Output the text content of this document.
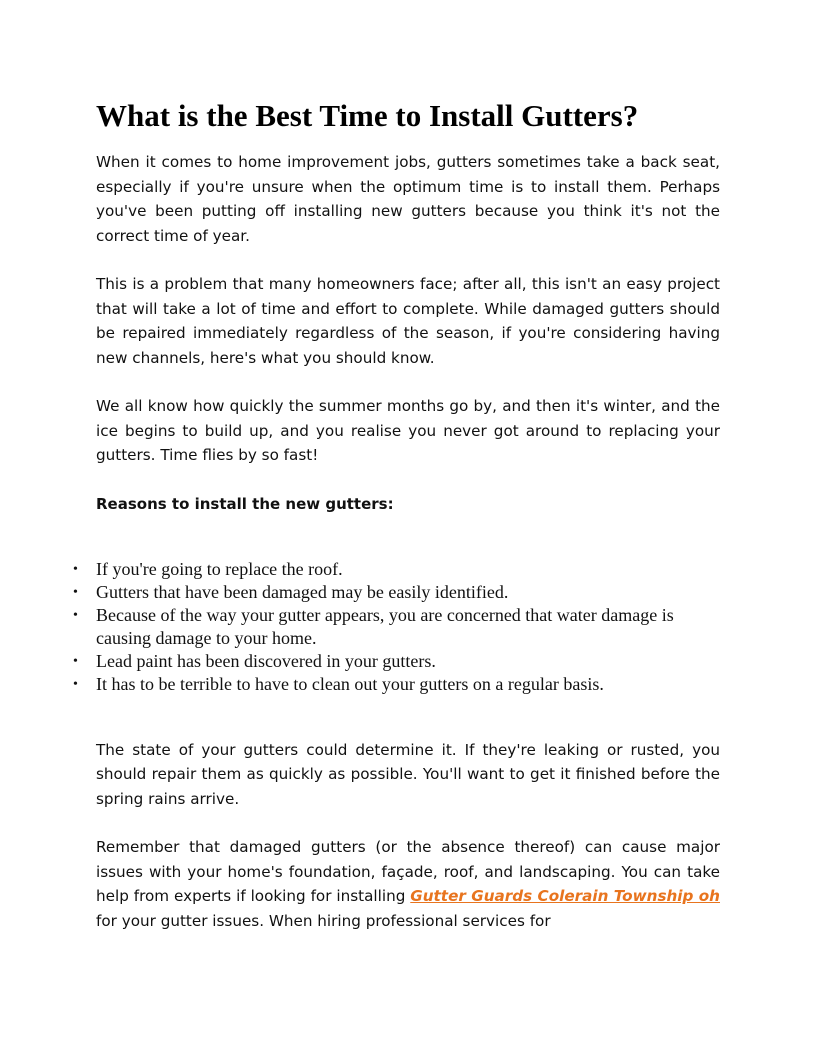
What is the Best Time to Install Gutters?

When it comes to home improvement jobs, gutters sometimes take a back seat, especially if you're unsure when the optimum time is to install them. Perhaps you've been putting off installing new gutters because you think it's not the correct time of year.

This is a problem that many homeowners face; after all, this isn't an easy project that will take a lot of time and effort to complete. While damaged gutters should be repaired immediately regardless of the season, if you're considering having new channels, here's what you should know.

We all know how quickly the summer months go by, and then it's winter, and the ice begins to build up, and you realise you never got around to replacing your gutters. Time flies by so fast!

Reasons to install the new gutters:
• If you're going to replace the roof.
• Gutters that have been damaged may be easily identified.
• Because of the way your gutter appears, you are concerned that water damage is causing damage to your home.
• Lead paint has been discovered in your gutters.
• It has to be terrible to have to clean out your gutters on a regular basis.

The state of your gutters could determine it. If they're leaking or rusted, you should repair them as quickly as possible. You'll want to get it finished before the spring rains arrive.

Remember that damaged gutters (or the absence thereof) can cause major issues with your home's foundation, façade, roof, and landscaping. You can take help from experts if looking for installing Gutter Guards Colerain Township oh for your gutter issues. When hiring professional services for
